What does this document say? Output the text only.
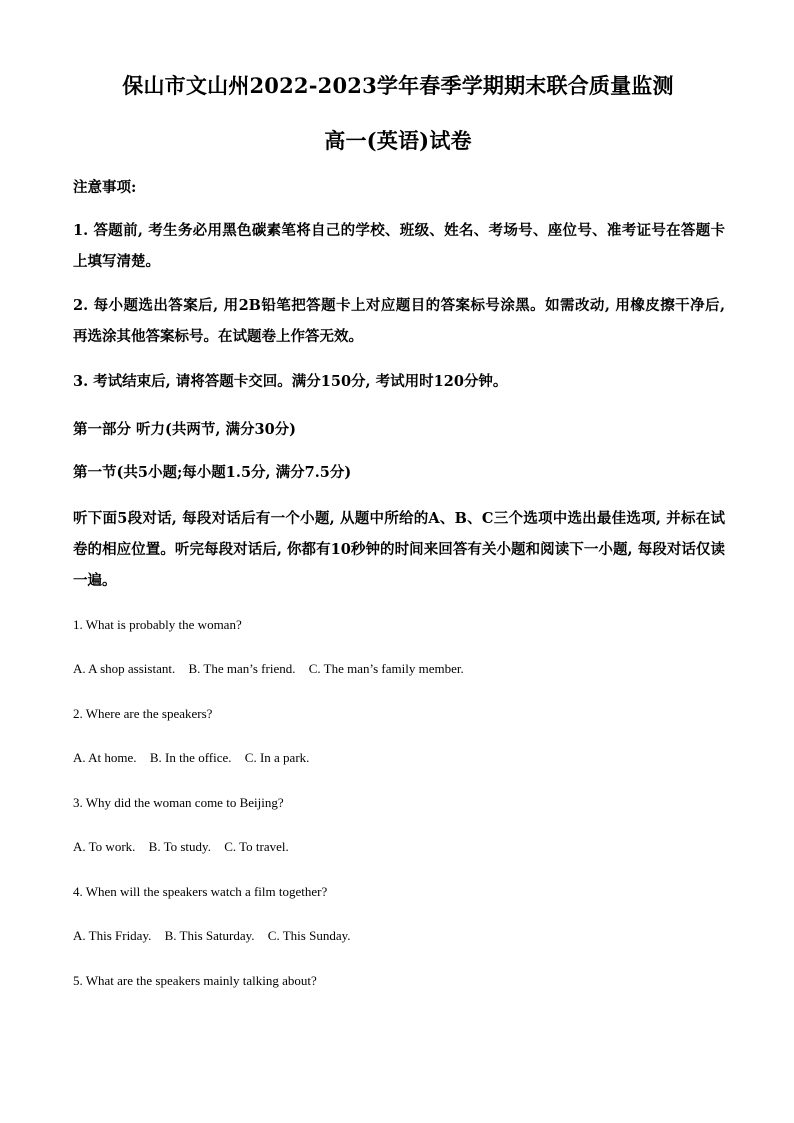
保山市文山州2022-2023学年春季学期期末联合质量监测
高一(英语)试卷
注意事项:
1. 答题前, 考生务必用黑色碳素笔将自己的学校、班级、姓名、考场号、座位号、准考证号在答题卡上填写清楚。
2. 每小题选出答案后, 用2B铅笔把答题卡上对应题目的答案标号涂黑。如需改动, 用橡皮擦干净后, 再选涂其他答案标号。在试题卷上作答无效。
3. 考试结束后, 请将答题卡交回。满分150分, 考试用时120分钟。
第一部分 听力(共两节, 满分30分)
第一节(共5小题;每小题1.5分, 满分7.5分)
听下面5段对话, 每段对话后有一个小题, 从题中所给的A、B、C三个选项中选出最佳选项, 并标在试卷的相应位置。听完每段对话后, 你都有10秒钟的时间来回答有关小题和阅读下一小题, 每段对话仅读一遍。
1. What is probably the woman?
A. A shop assistant. B. The man’s friend. C. The man’s family member.
2. Where are the speakers?
A. At home. B. In the office. C. In a park.
3. Why did the woman come to Beijing?
A. To work. B. To study. C. To travel.
4. When will the speakers watch a film together?
A. This Friday. B. This Saturday. C. This Sunday.
5. What are the speakers mainly talking about?
